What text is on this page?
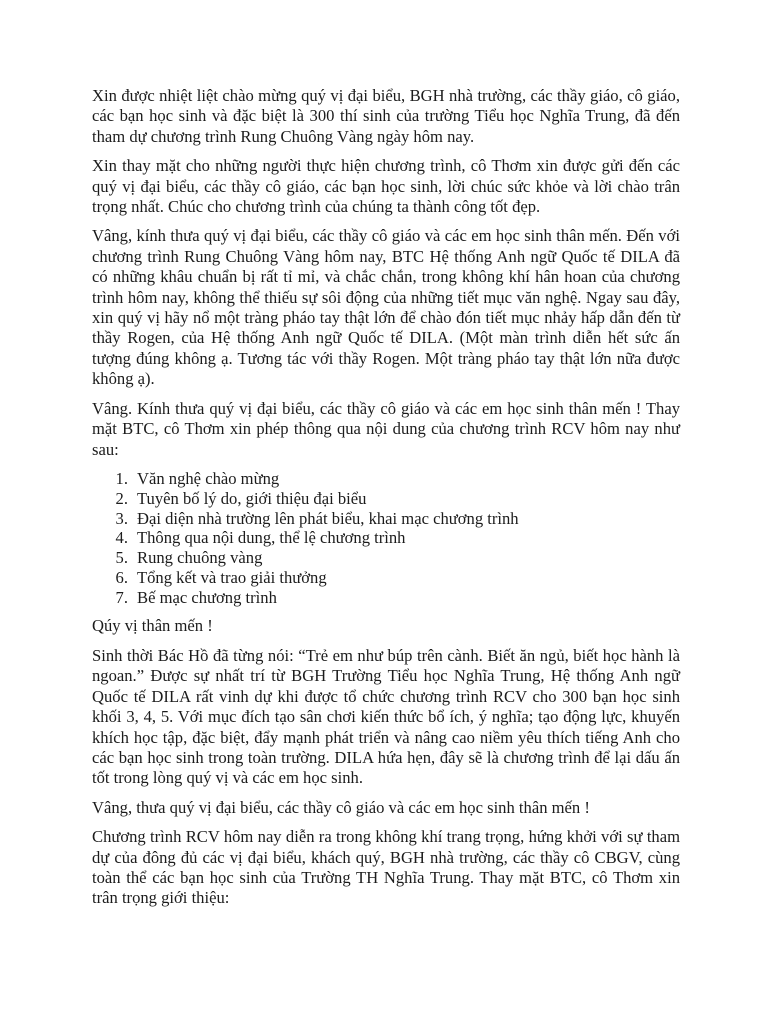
Xin được nhiệt liệt chào mừng quý vị đại biểu, BGH nhà trường, các thầy giáo, cô giáo, các bạn học sinh và đặc biệt là 300 thí sinh của trường Tiểu học Nghĩa Trung, đã đến tham dự chương trình Rung Chuông Vàng ngày hôm nay.

Xin thay mặt cho những người thực hiện chương trình, cô Thơm xin được gửi đến các quý vị đại biểu, các thầy cô giáo, các bạn học sinh, lời chúc sức khỏe và lời chào trân trọng nhất. Chúc cho chương trình của chúng ta thành công tốt đẹp.

Vâng, kính thưa quý vị đại biểu, các thầy cô giáo và các em học sinh thân mến. Đến với chương trình Rung Chuông Vàng hôm nay, BTC Hệ thống Anh ngữ Quốc tế DILA đã có những khâu chuẩn bị rất tỉ mỉ, và chắc chắn, trong không khí hân hoan của chương trình hôm nay, không thể thiếu sự sôi động của những tiết mục văn nghệ. Ngay sau đây, xin quý vị hãy nổ một tràng pháo tay thật lớn để chào đón tiết mục nhảy hấp dẫn đến từ thầy Rogen, của Hệ thống Anh ngữ Quốc tế DILA. (Một màn trình diễn hết sức ấn tượng đúng không ạ. Tương tác với thầy Rogen. Một tràng pháo tay thật lớn nữa được không ạ).

Vâng. Kính thưa quý vị đại biểu, các thầy cô giáo và các em học sinh thân mến ! Thay mặt BTC, cô Thơm xin phép thông qua nội dung của chương trình RCV hôm nay như sau:

1. Văn nghệ chào mừng
2. Tuyên bố lý do, giới thiệu đại biểu
3. Đại diện nhà trường lên phát biểu, khai mạc chương trình
4. Thông qua nội dung, thể lệ chương trình
5. Rung chuông vàng
6. Tổng kết và trao giải thưởng
7. Bế mạc chương trình

Qúy vị thân mến !

Sinh thời Bác Hồ đã từng nói: “Trẻ em như búp trên cành. Biết ăn ngủ, biết học hành là ngoan.” Được sự nhất trí từ BGH Trường Tiểu học Nghĩa Trung, Hệ thống Anh ngữ Quốc tế DILA rất vinh dự khi được tổ chức chương trình RCV cho 300 bạn học sinh khối 3, 4, 5. Với mục đích tạo sân chơi kiến thức bổ ích, ý nghĩa; tạo động lực, khuyến khích học tập, đặc biệt, đẩy mạnh phát triển và nâng cao niềm yêu thích tiếng Anh cho các bạn học sinh trong toàn trường. DILA hứa hẹn, đây sẽ là chương trình để lại dấu ấn tốt trong lòng quý vị và các em học sinh.

Vâng, thưa quý vị đại biểu, các thầy cô giáo và các em học sinh thân mến !

Chương trình RCV hôm nay diễn ra trong không khí trang trọng, hứng khởi với sự tham dự của đông đủ các vị đại biểu, khách quý, BGH nhà trường, các thầy cô CBGV, cùng toàn thể các bạn học sinh của Trường TH Nghĩa Trung. Thay mặt BTC, cô Thơm xin trân trọng giới thiệu:
